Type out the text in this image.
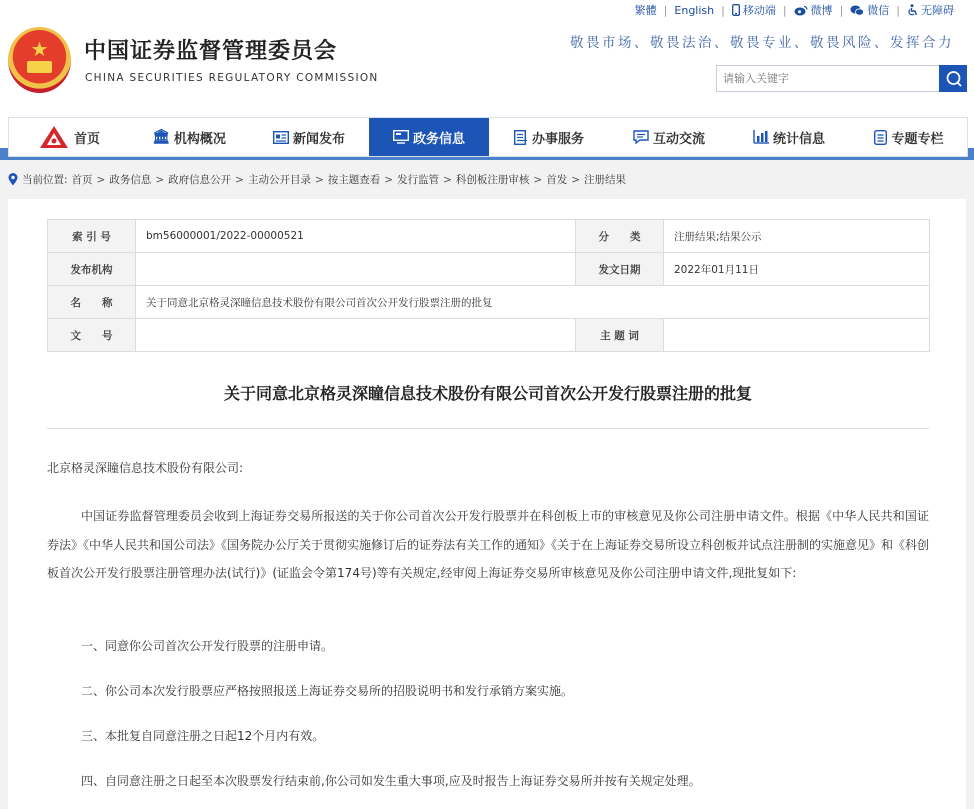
★	中国证券监督管理委员会
CHINA SECURITIES REGULATORY COMMISSION
繁體 | English | 移动端 | 微博 | 微信 | 无障碍
敬畏市场、敬畏法治、敬畏专业、敬畏风险、发挥合力
请输入关键字
首页	🏛 机构概况	新闻发布	政务信息	办事服务	互动交流	统计信息	专题专栏
当前位置: 首页 > 政务信息 > 政府信息公开 > 主动公开目录 > 按主题查看 > 发行监管 > 科创板注册审核 > 首发 > 注册结果
索 引 号	bm56000001/2022-00000521	分　　类	注册结果;结果公示
发布机构		发文日期	2022年01月11日
名　　称	关于同意北京格灵深瞳信息技术股份有限公司首次公开发行股票注册的批复		
文　　号		主 题 词	
关于同意北京格灵深瞳信息技术股份有限公司首次公开发行股票注册的批复

北京格灵深瞳信息技术股份有限公司:

中国证券监督管理委员会收到上海证券交易所报送的关于你公司首次公开发行股票并在科创板上市的审核意见及你公司注册申请文件。根据《中华人民共和国证券法》《中华人民共和国公司法》《国务院办公厅关于贯彻实施修订后的证券法有关工作的通知》《关于在上海证券交易所设立科创板并试点注册制的实施意见》和《科创板首次公开发行股票注册管理办法(试行)》(证监会令第174号)等有关规定,经审阅上海证券交易所审核意见及你公司注册申请文件,现批复如下:

一、同意你公司首次公开发行股票的注册申请。

二、你公司本次发行股票应严格按照报送上海证券交易所的招股说明书和发行承销方案实施。

三、本批复自同意注册之日起12个月内有效。

四、自同意注册之日起至本次股票发行结束前,你公司如发生重大事项,应及时报告上海证券交易所并按有关规定处理。
